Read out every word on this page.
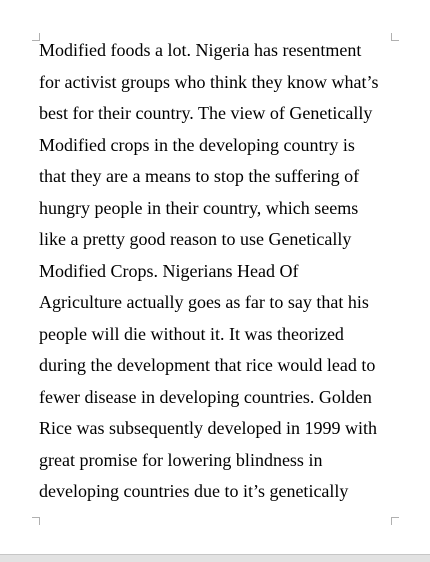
Modified foods a lot. Nigeria has resentment
for activist groups who think they know what’s
best for their country. The view of Genetically
Modified crops in the developing country is
that they are a means to stop the suffering of
hungry people in their country, which seems
like a pretty good reason to use Genetically
Modified Crops. Nigerians Head Of
Agriculture actually goes as far to say that his
people will die without it. It was theorized
during the development that rice would lead to
fewer disease in developing countries. Golden
Rice was subsequently developed in 1999 with
great promise for lowering blindness in
developing countries due to it’s genetically
